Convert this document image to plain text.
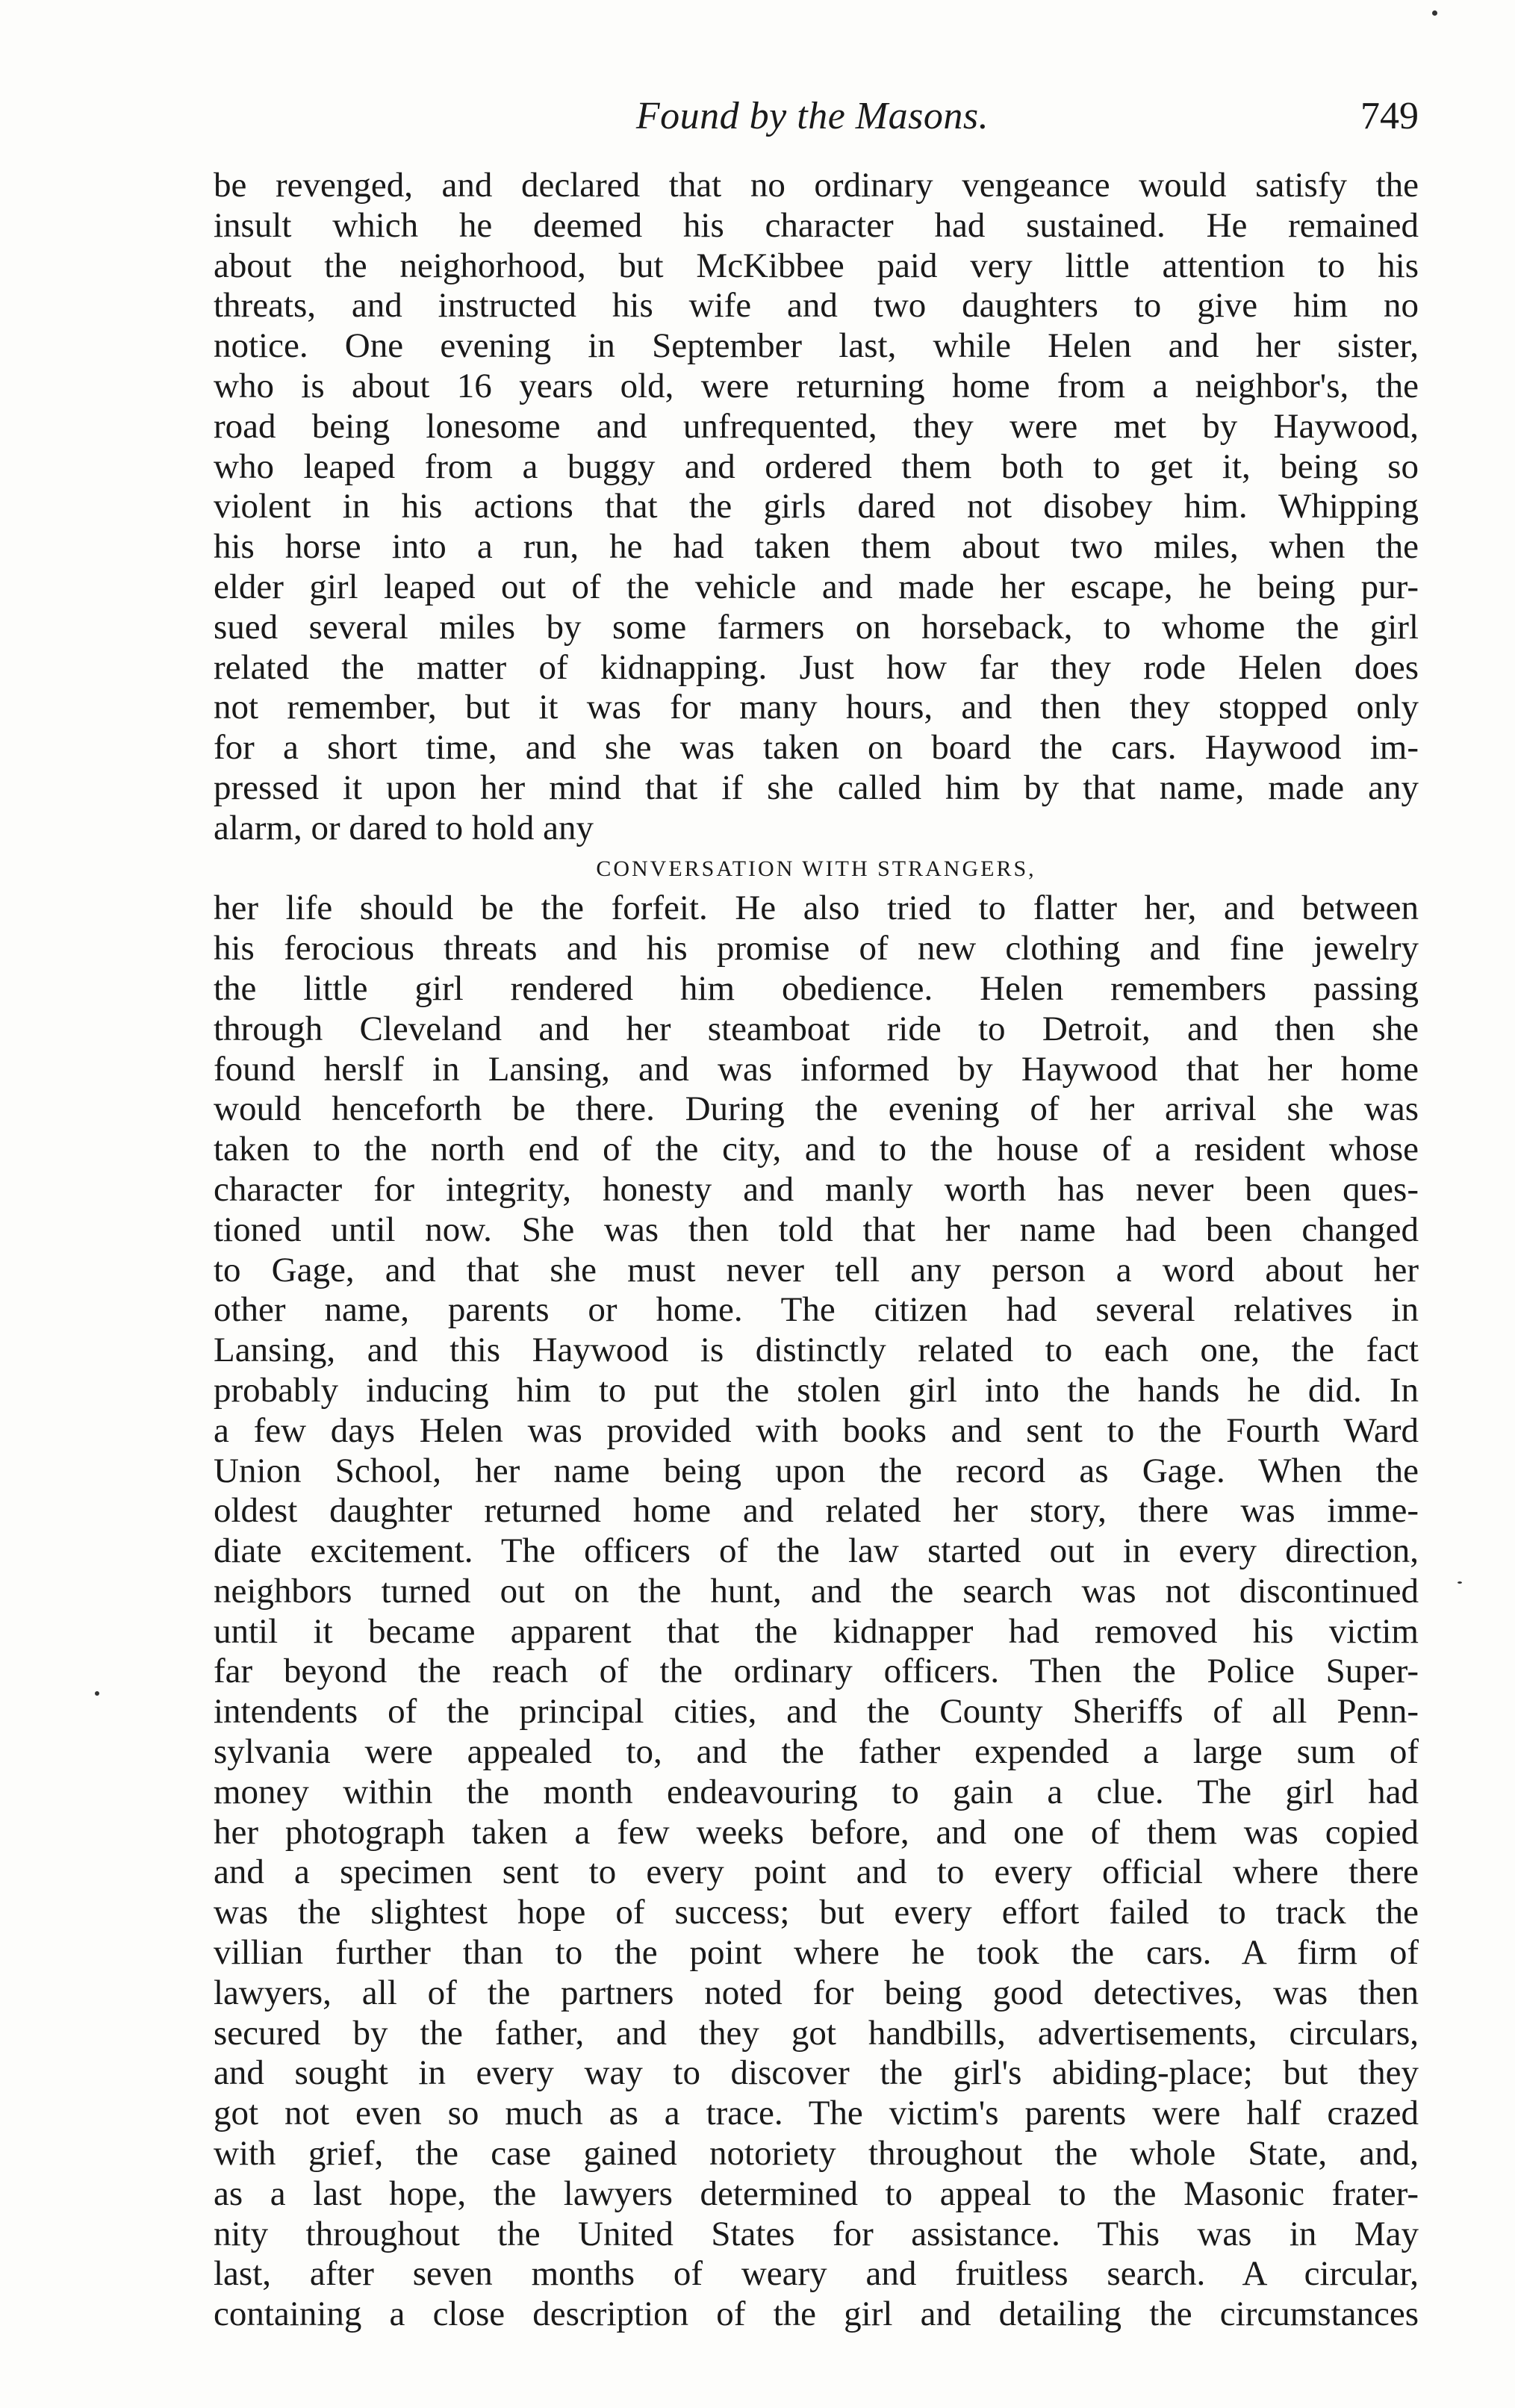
Found by the Masons.	749
be revenged, and declared that no ordinary vengeance would satisfy the
insult which he deemed his character had sustained. He remained
about the neighorhood, but McKibbee paid very little attention to his
threats, and instructed his wife and two daughters to give him no
notice. One evening in September last, while Helen and her sister,
who is about 16 years old, were returning home from a neighbor's, the
road being lonesome and unfrequented, they were met by Haywood,
who leaped from a buggy and ordered them both to get it, being so
violent in his actions that the girls dared not disobey him. Whipping
his horse into a run, he had taken them about two miles, when the
elder girl leaped out of the vehicle and made her escape, he being pur-
sued several miles by some farmers on horseback, to whome the girl
related the matter of kidnapping. Just how far they rode Helen does
not remember, but it was for many hours, and then they stopped only
for a short time, and she was taken on board the cars. Haywood im-
pressed it upon her mind that if she called him by that name, made any
alarm, or dared to hold any
CONVERSATION WITH STRANGERS,
her life should be the forfeit. He also tried to flatter her, and between
his ferocious threats and his promise of new clothing and fine jewelry
the little girl rendered him obedience. Helen remembers passing
through Cleveland and her steamboat ride to Detroit, and then she
found herslf in Lansing, and was informed by Haywood that her home
would henceforth be there. During the evening of her arrival she was
taken to the north end of the city, and to the house of a resident whose
character for integrity, honesty and manly worth has never been ques-
tioned until now. She was then told that her name had been changed
to Gage, and that she must never tell any person a word about her
other name, parents or home. The citizen had several relatives in
Lansing, and this Haywood is distinctly related to each one, the fact
probably inducing him to put the stolen girl into the hands he did. In
a few days Helen was provided with books and sent to the Fourth Ward
Union School, her name being upon the record as Gage. When the
oldest daughter returned home and related her story, there was imme-
diate excitement. The officers of the law started out in every direction,
neighbors turned out on the hunt, and the search was not discontinued
until it became apparent that the kidnapper had removed his victim
far beyond the reach of the ordinary officers. Then the Police Super-
intendents of the principal cities, and the County Sheriffs of all Penn-
sylvania were appealed to, and the father expended a large sum of
money within the month endeavouring to gain a clue. The girl had
her photograph taken a few weeks before, and one of them was copied
and a specimen sent to every point and to every official where there
was the slightest hope of success; but every effort failed to track the
villian further than to the point where he took the cars. A firm of
lawyers, all of the partners noted for being good detectives, was then
secured by the father, and they got handbills, advertisements, circulars,
and sought in every way to discover the girl's abiding-place; but they
got not even so much as a trace. The victim's parents were half crazed
with grief, the case gained notoriety throughout the whole State, and,
as a last hope, the lawyers determined to appeal to the Masonic frater-
nity throughout the United States for assistance. This was in May
last, after seven months of weary and fruitless search. A circular,
containing a close description of the girl and detailing the circumstances
